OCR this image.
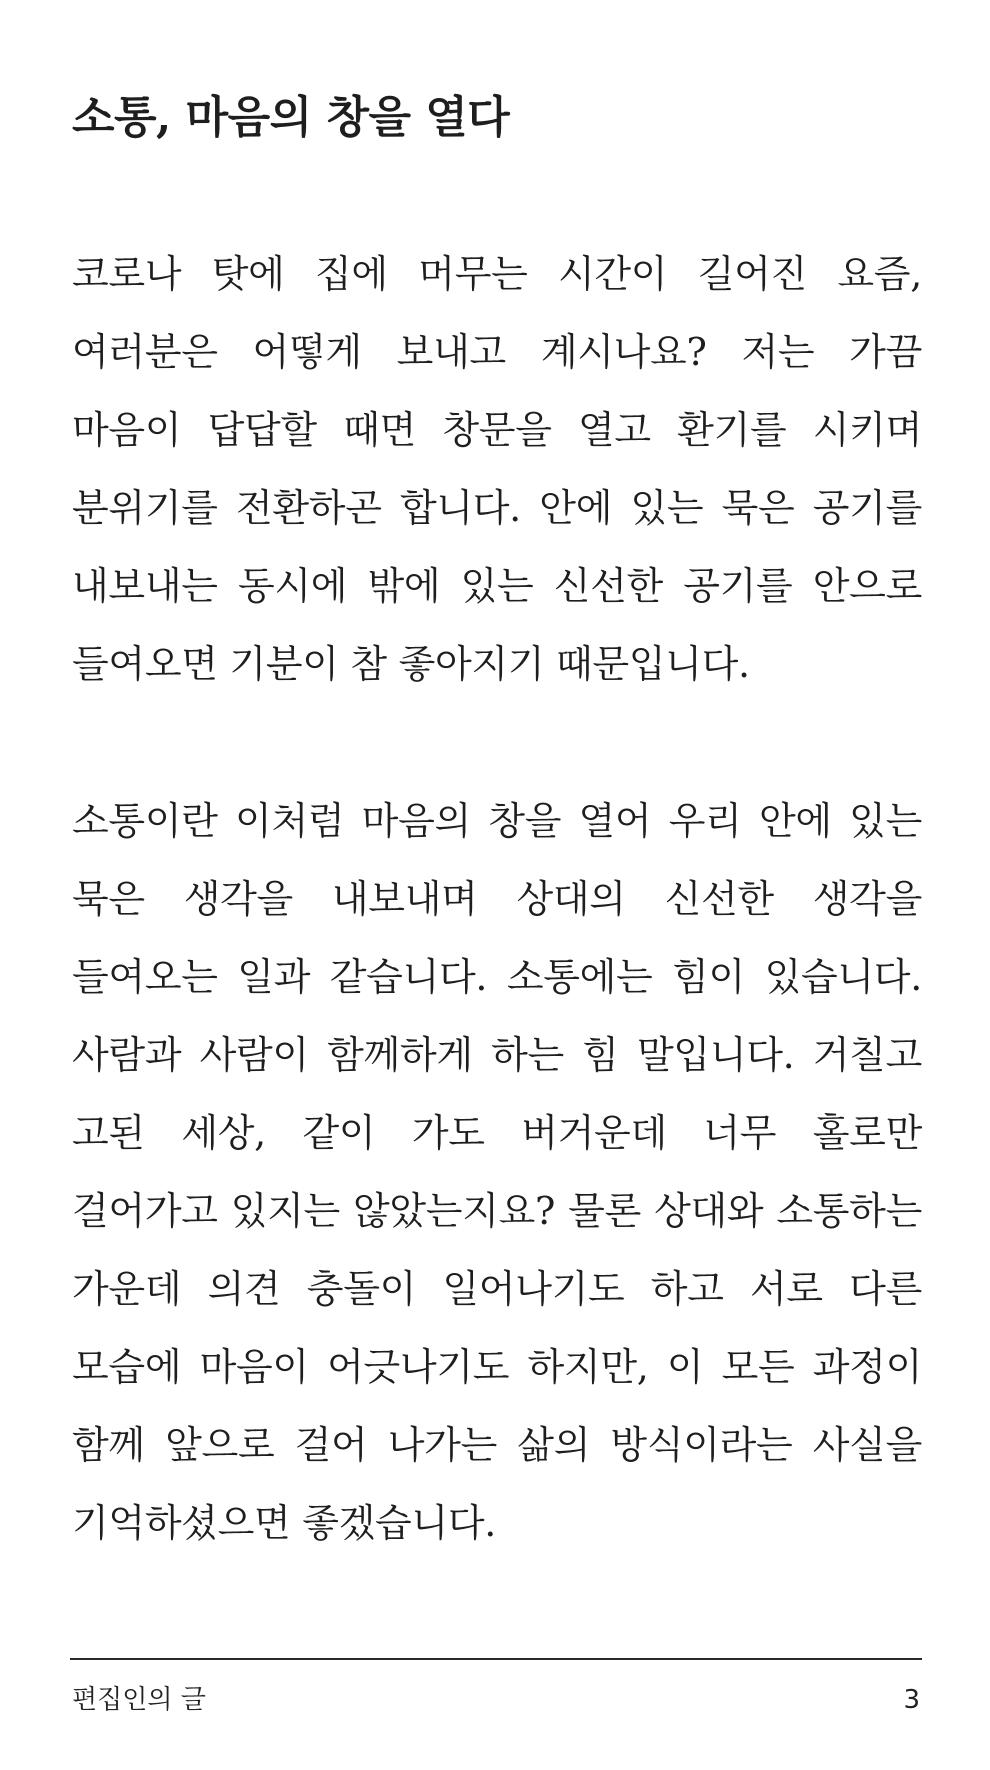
소통, 마음의 창을 열다

코로나 탓에 집에 머무는 시간이 길어진 요즘, 여러분은 어떻게 보내고 계시나요? 저는 가끔 마음이 답답할 때면 창문을 열고 환기를 시키며 분위기를 전환하곤 합니다. 안에 있는 묵은 공기를 내보내는 동시에 밖에 있는 신선한 공기를 안으로 들여오면 기분이 참 좋아지기 때문입니다.

소통이란 이처럼 마음의 창을 열어 우리 안에 있는 묵은 생각을 내보내며 상대의 신선한 생각을 들여오는 일과 같습니다. 소통에는 힘이 있습니다. 사람과 사람이 함께하게 하는 힘 말입니다. 거칠고 고된 세상, 같이 가도 버거운데 너무 홀로만 걸어가고 있지는 않았는지요? 물론 상대와 소통하는 가운데 의견 충돌이 일어나기도 하고 서로 다른 모습에 마음이 어긋나기도 하지만, 이 모든 과정이 함께 앞으로 걸어 나가는 삶의 방식이라는 사실을 기억하셨으면 좋겠습니다.

편집인의 글	3
